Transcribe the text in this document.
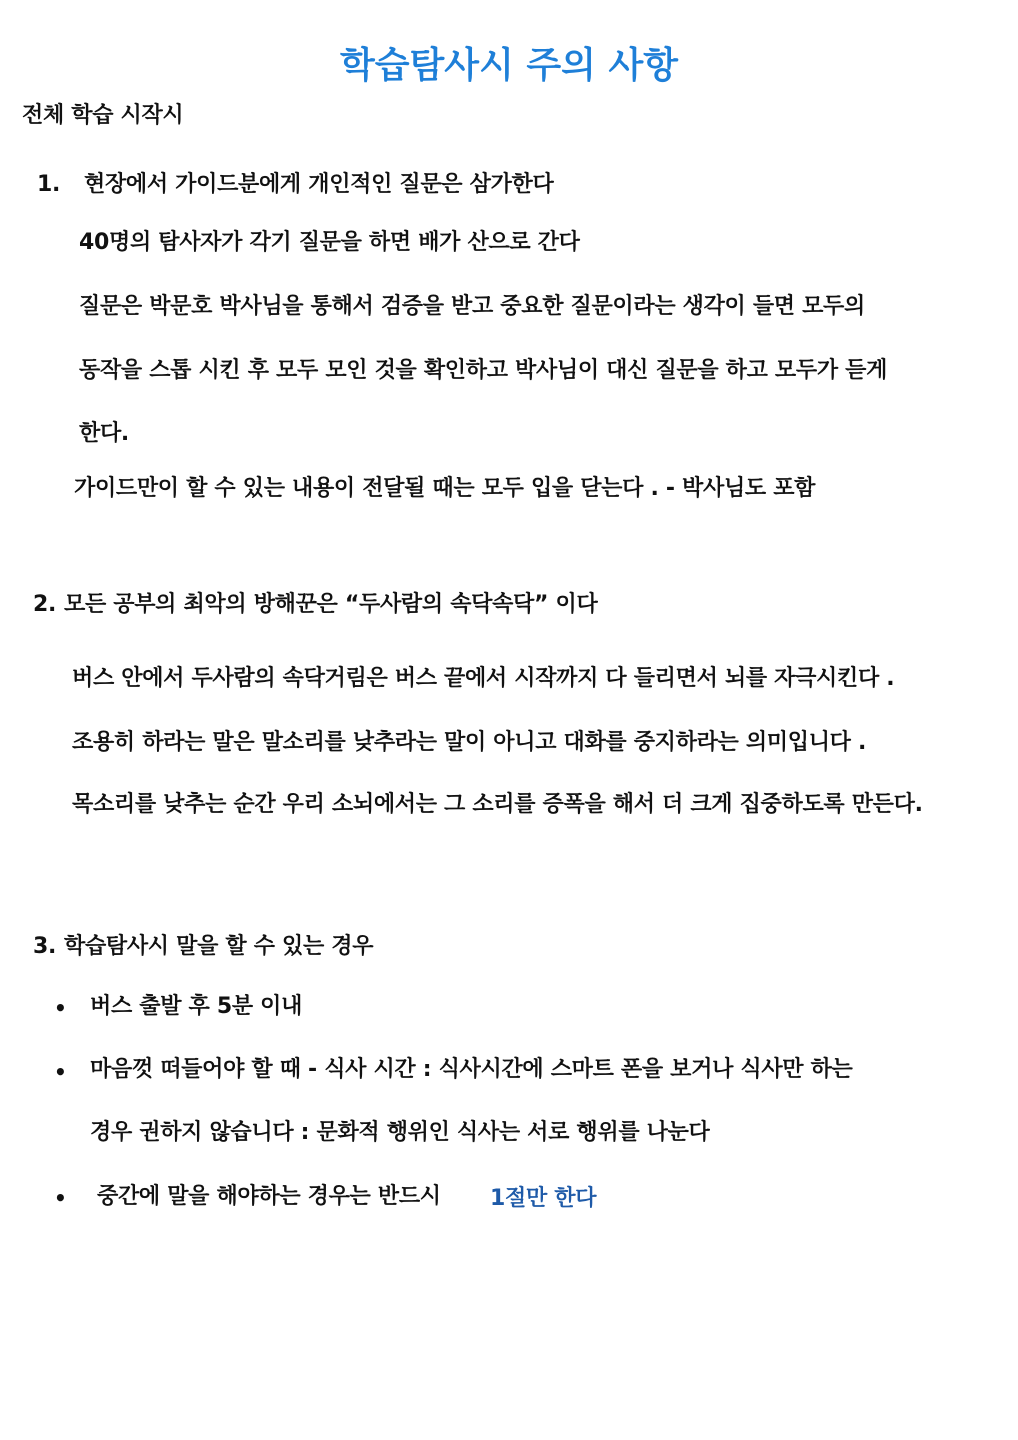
학습탐사시 주의 사항
전체 학습 시작시
1. 현장에서 가이드분에게 개인적인 질문은 삼가한다
40명의 탐사자가 각기 질문을 하면 배가 산으로 간다
질문은 박문호 박사님을 통해서 검증을 받고 중요한 질문이라는 생각이 들면 모두의
동작을 스톱 시킨 후 모두 모인 것을 확인하고 박사님이 대신 질문을 하고 모두가 듣게
한다.
가이드만이 할 수 있는 내용이 전달될 때는 모두 입을 닫는다 . - 박사님도 포함
2. 모든 공부의 최악의 방해꾼은 “두사람의 속닥속닥” 이다
버스 안에서 두사람의 속닥거림은 버스 끝에서 시작까지 다 들리면서 뇌를 자극시킨다 .
조용히 하라는 말은 말소리를 낮추라는 말이 아니고 대화를 중지하라는 의미입니다 .
목소리를 낮추는 순간 우리 소뇌에서는 그 소리를 증폭을 해서 더 크게 집중하도록 만든다.
3. 학습탐사시 말을 할 수 있는 경우
• 버스 출발 후 5분 이내
• 마음껏 떠들어야 할 때 - 식사 시간 : 식사시간에 스마트 폰을 보거나 식사만 하는
경우 권하지 않습니다 : 문화적 행위인 식사는 서로 행위를 나눈다
• 중간에 말을 해야하는 경우는 반드시 1절만 한다
